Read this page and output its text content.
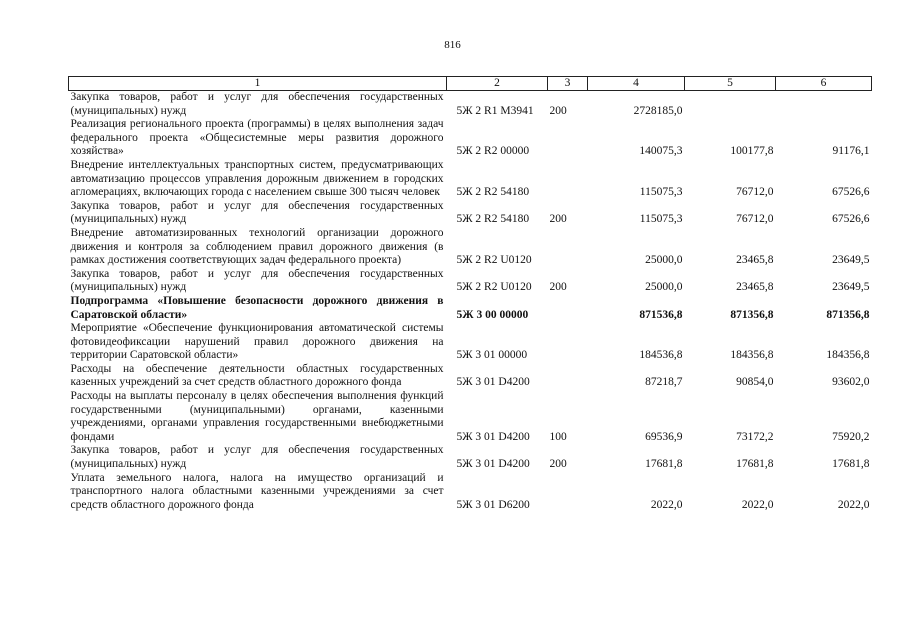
816
1	2	3	4	5	6
Закупка товаров, работ и услуг для обеспечения государственных (муниципальных) нужд	5Ж 2 R1 М3941	200	2728185,0		
Реализация регионального проекта (программы) в целях выполнения задач федерального проекта «Общесистемные меры развития дорожного хозяйства»	5Ж 2 R2 00000		140075,3	100177,8	91176,1
Внедрение интеллектуальных транспортных систем, предусматривающих автоматизацию процессов управления дорожным движением в городских агломерациях, включающих города с населением свыше 300 тысяч человек	5Ж 2 R2 54180		115075,3	76712,0	67526,6
Закупка товаров, работ и услуг для обеспечения государственных (муниципальных) нужд	5Ж 2 R2 54180	200	115075,3	76712,0	67526,6
Внедрение автоматизированных технологий организации дорожного движения и контроля за соблюдением правил дорожного движения (в рамках достижения соответствующих задач федерального проекта)	5Ж 2 R2 U0120		25000,0	23465,8	23649,5
Закупка товаров, работ и услуг для обеспечения государственных (муниципальных) нужд	5Ж 2 R2 U0120	200	25000,0	23465,8	23649,5
Подпрограмма «Повышение безопасности дорожного движения в Саратовской области»	5Ж 3 00 00000		871536,8	871356,8	871356,8
Мероприятие «Обеспечение функционирования автоматической системы фотовидеофиксации нарушений правил дорожного движения на территории Саратовской области»	5Ж 3 01 00000		184536,8	184356,8	184356,8
Расходы на обеспечение деятельности областных государственных казенных учреждений за счет средств областного дорожного фонда	5Ж 3 01 D4200		87218,7	90854,0	93602,0
Расходы на выплаты персоналу в целях обеспечения выполнения функций государственными (муниципальными) органами, казенными учреждениями, органами управления государственными внебюджетными фондами	5Ж 3 01 D4200	100	69536,9	73172,2	75920,2
Закупка товаров, работ и услуг для обеспечения государственных (муниципальных) нужд	5Ж 3 01 D4200	200	17681,8	17681,8	17681,8
Уплата земельного налога, налога на имущество организаций и транспортного налога областными казенными учреждениями за счет средств областного дорожного фонда	5Ж 3 01 D6200		2022,0	2022,0	2022,0
